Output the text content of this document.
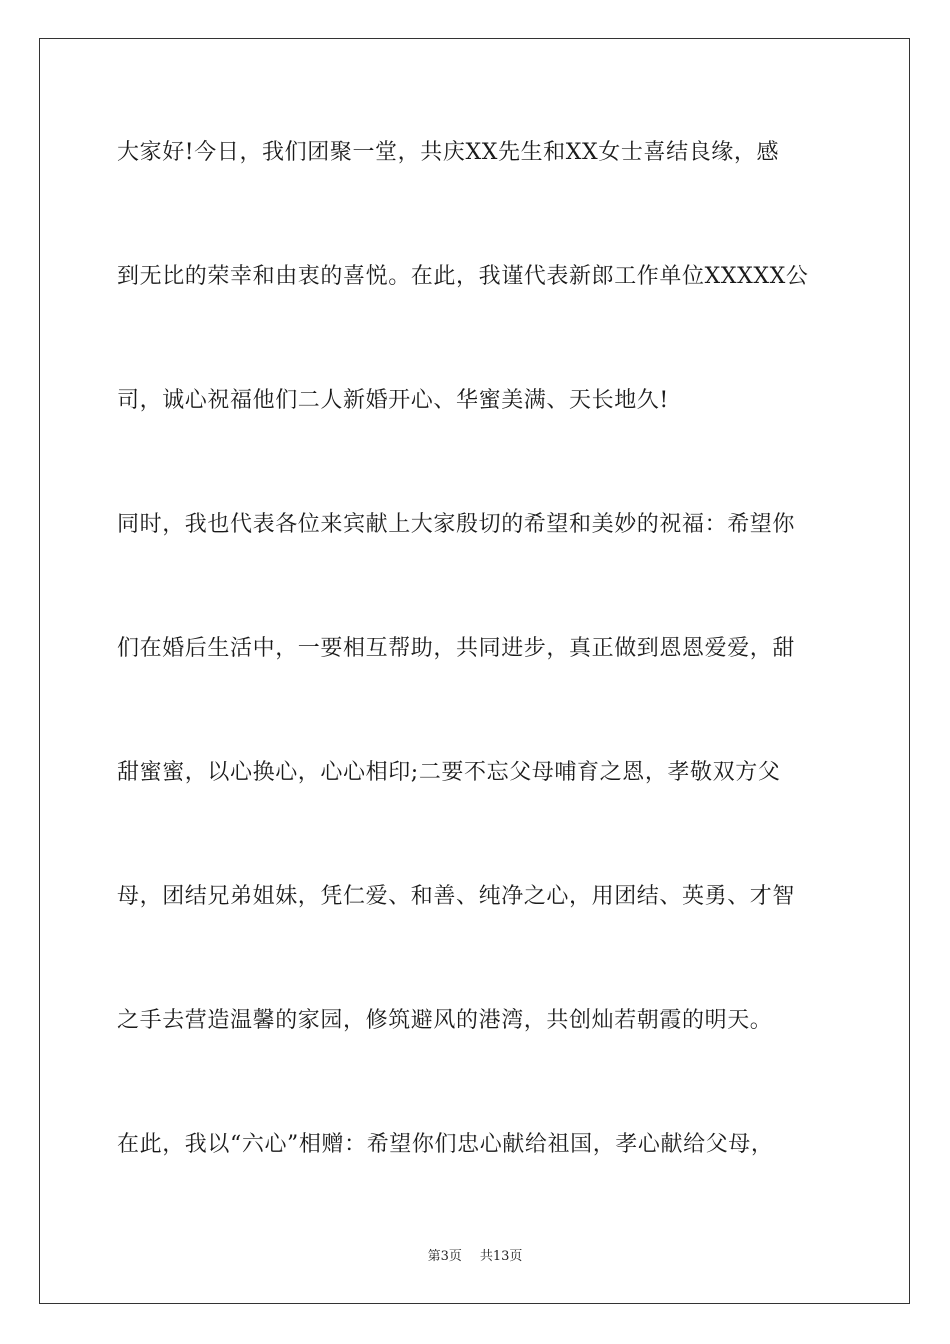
大家好!今日，我们团聚一堂，共庆XX先生和XX女士喜结良缘，感
到无比的荣幸和由衷的喜悦。在此，我谨代表新郎工作单位XXXXX公
司，诚心祝福他们二人新婚开心、华蜜美满、天长地久!
同时，我也代表各位来宾献上大家殷切的希望和美妙的祝福：希望你
们在婚后生活中，一要相互帮助，共同进步，真正做到恩恩爱爱，甜
甜蜜蜜，以心换心，心心相印;二要不忘父母哺育之恩，孝敬双方父
母，团结兄弟姐妹，凭仁爱、和善、纯净之心，用团结、英勇、才智
之手去营造温馨的家园，修筑避风的港湾，共创灿若朝霞的明天。
在此，我以“六心”相赠：希望你们忠心献给祖国，孝心献给父母，
第3页 共13页
